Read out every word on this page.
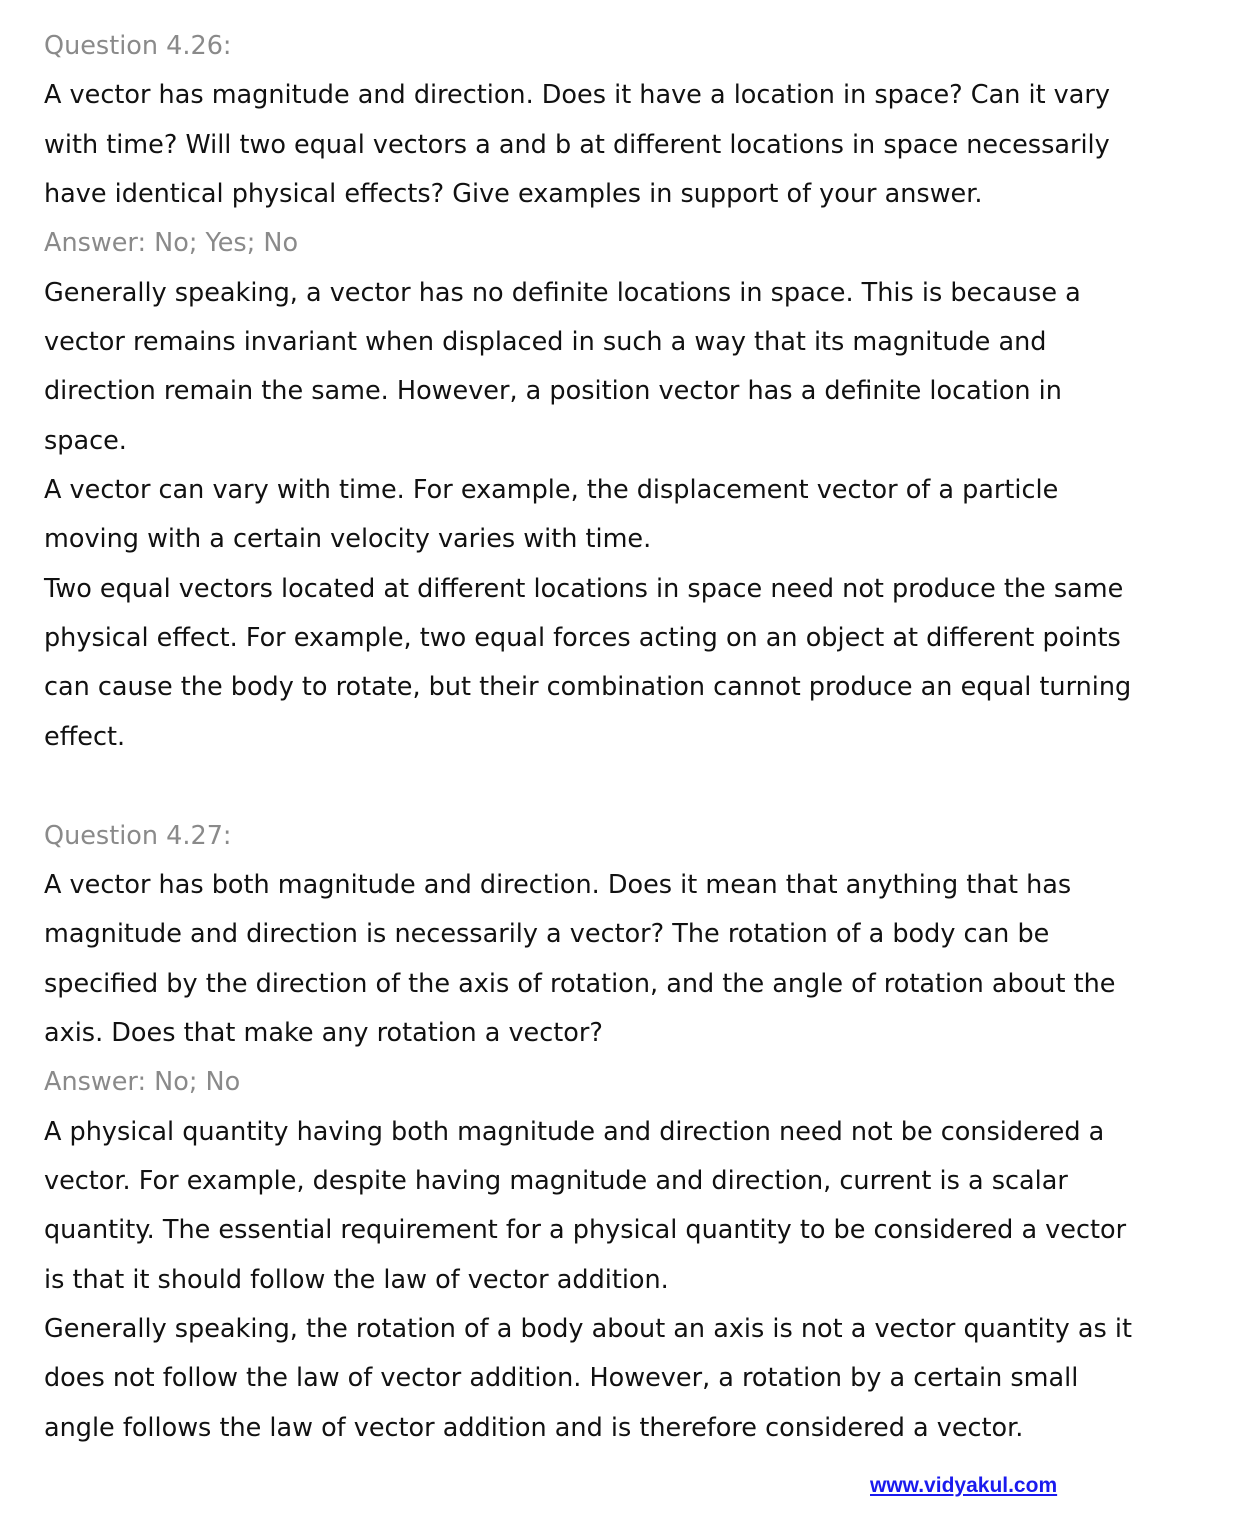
Question 4.26:
A vector has magnitude and direction. Does it have a location in space? Can it vary
with time? Will two equal vectors a and b at different locations in space necessarily
have identical physical effects? Give examples in support of your answer.
Answer: No; Yes; No
Generally speaking, a vector has no definite locations in space. This is because a
vector remains invariant when displaced in such a way that its magnitude and
direction remain the same. However, a position vector has a definite location in
space.
A vector can vary with time. For example, the displacement vector of a particle
moving with a certain velocity varies with time.
Two equal vectors located at different locations in space need not produce the same
physical effect. For example, two equal forces acting on an object at different points
can cause the body to rotate, but their combination cannot produce an equal turning
effect.
Question 4.27:
A vector has both magnitude and direction. Does it mean that anything that has
magnitude and direction is necessarily a vector? The rotation of a body can be
specified by the direction of the axis of rotation, and the angle of rotation about the
axis. Does that make any rotation a vector?
Answer: No; No
A physical quantity having both magnitude and direction need not be considered a
vector. For example, despite having magnitude and direction, current is a scalar
quantity. The essential requirement for a physical quantity to be considered a vector
is that it should follow the law of vector addition.
Generally speaking, the rotation of a body about an axis is not a vector quantity as it
does not follow the law of vector addition. However, a rotation by a certain small
angle follows the law of vector addition and is therefore considered a vector.
www.vidyakul.com
